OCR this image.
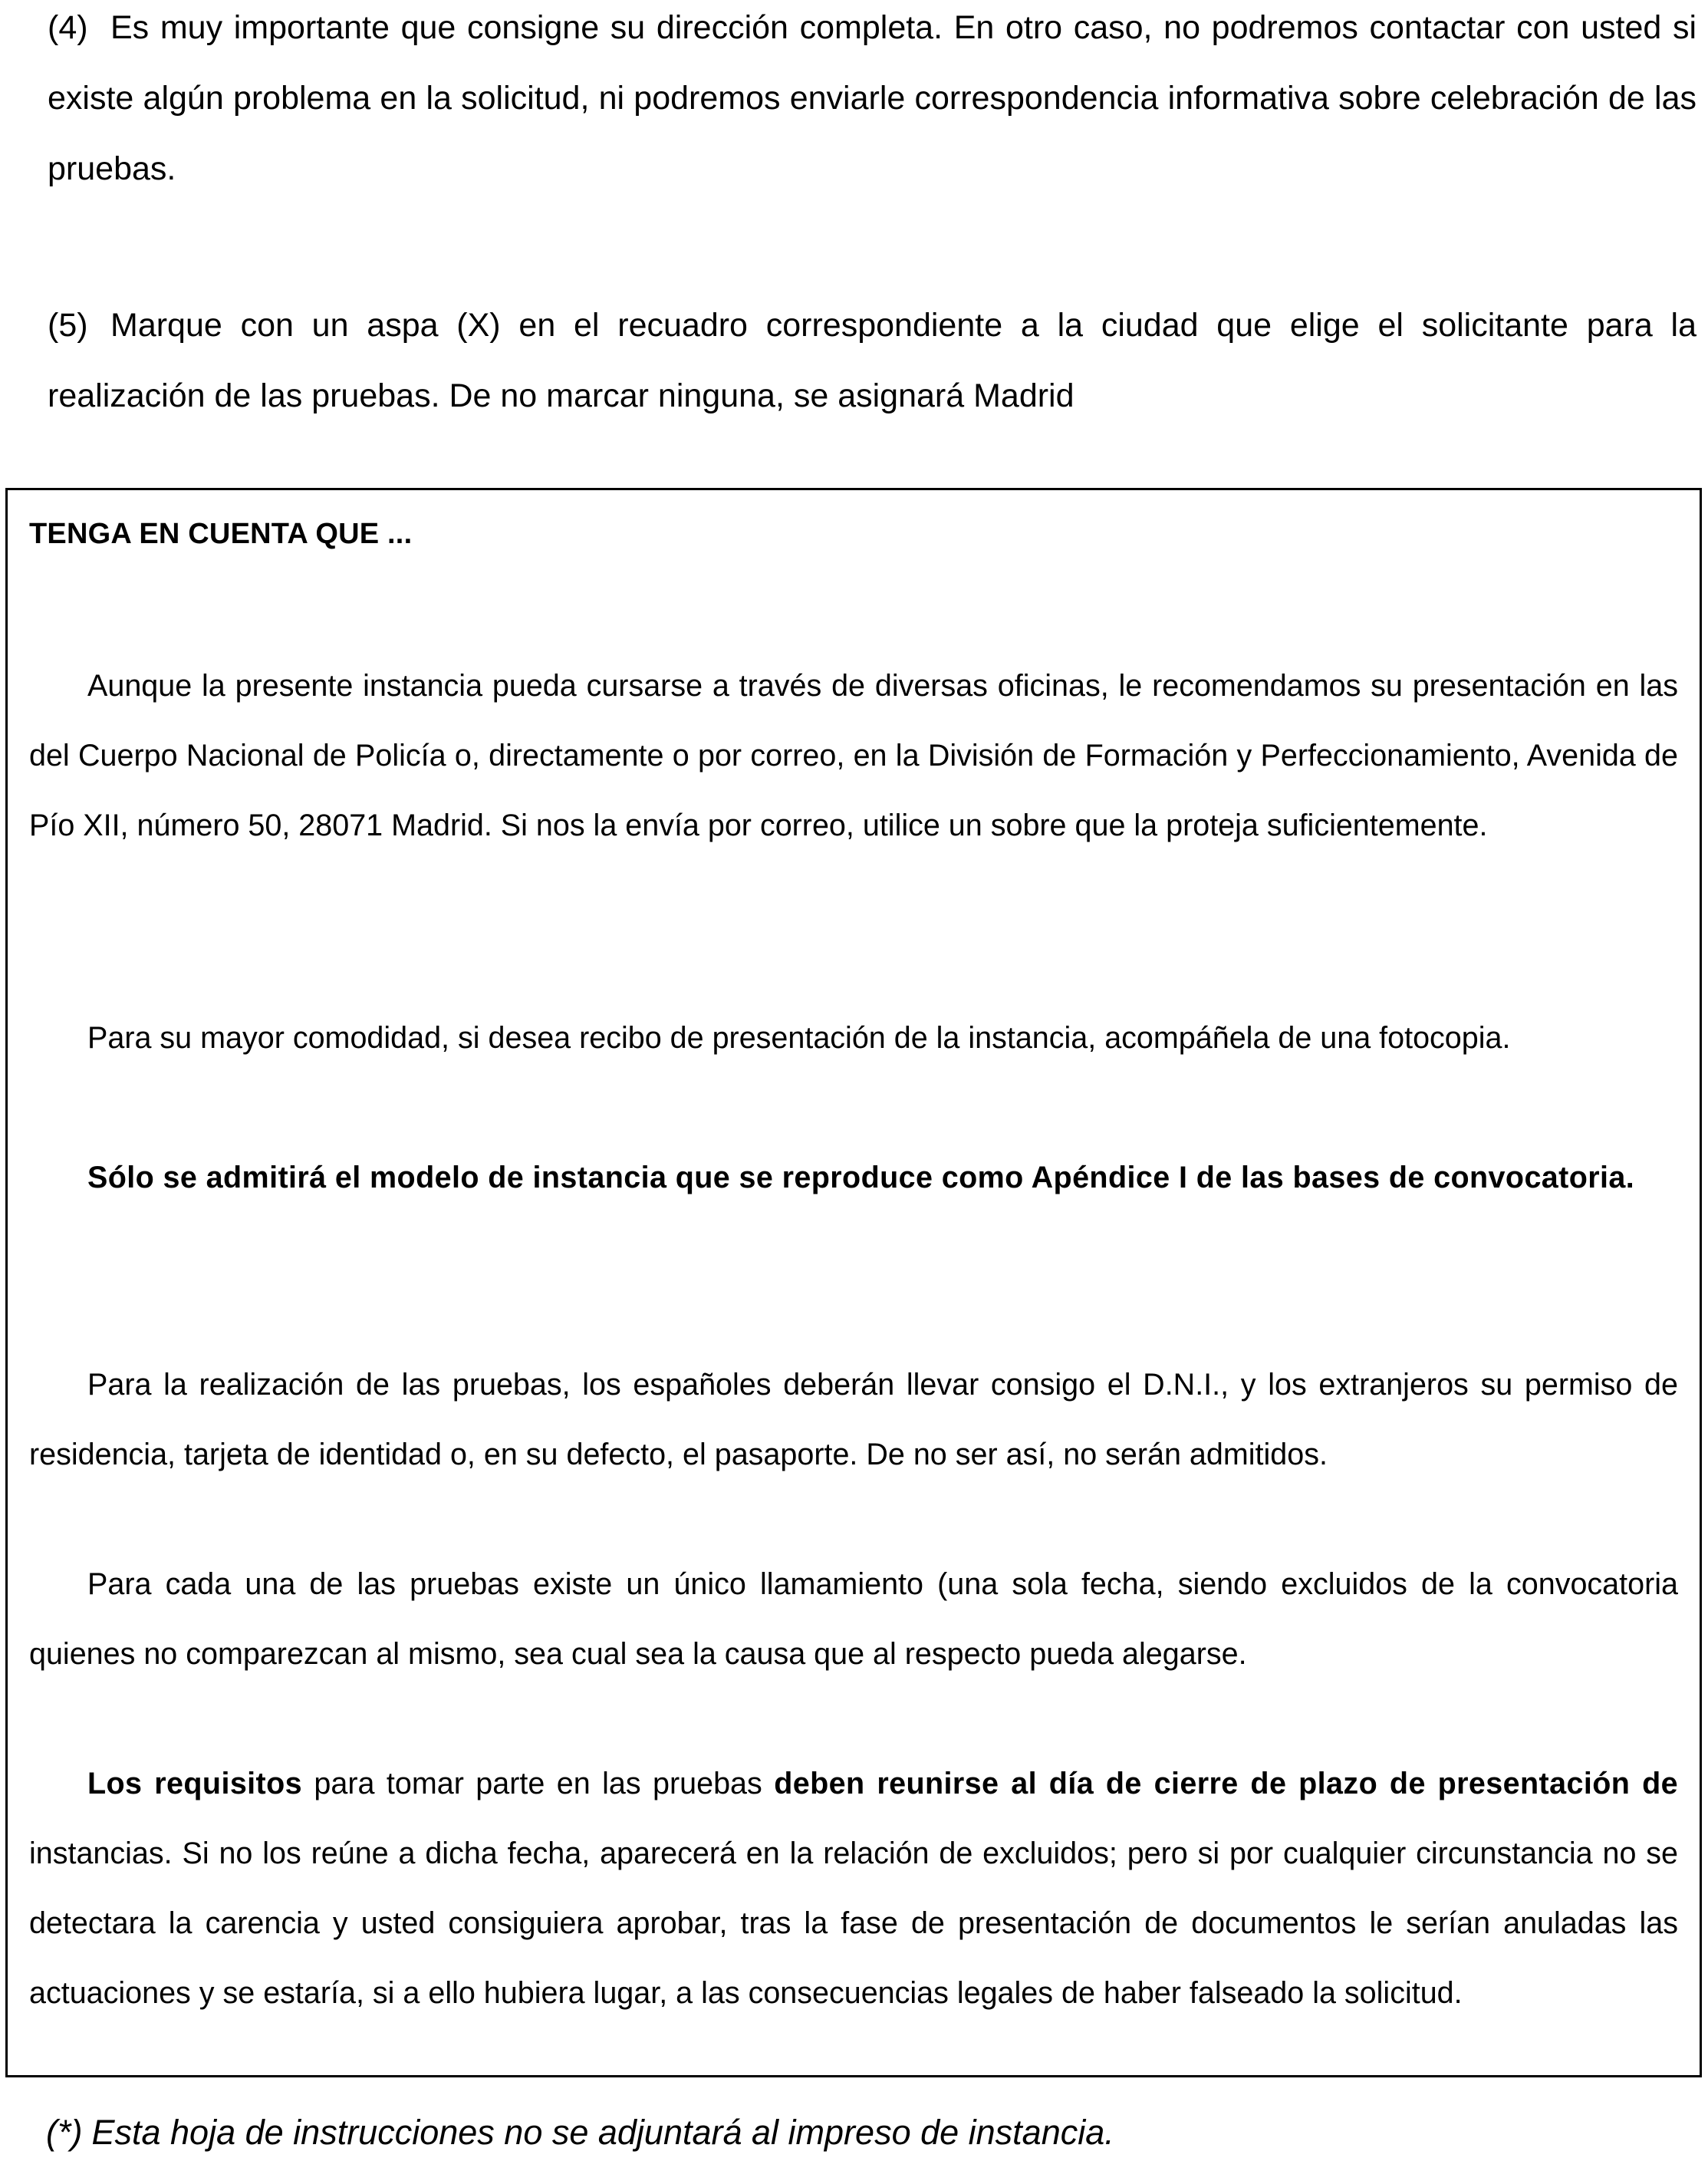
(4) Es muy importante que consigne su dirección completa. En otro caso, no podremos contactar con usted si existe algún problema en la solicitud, ni podremos enviarle correspondencia informativa sobre celebración de las pruebas.
(5) Marque con un aspa (X) en el recuadro correspondiente a la ciudad que elige el solicitante para la realización de las pruebas. De no marcar ninguna, se asignará Madrid
TENGA EN CUENTA QUE ...

Aunque la presente instancia pueda cursarse a través de diversas oficinas, le recomendamos su presentación en las del Cuerpo Nacional de Policía o, directamente o por correo, en la División de Formación y Perfeccionamiento, Avenida de Pío XII, número 50, 28071 Madrid. Si nos la envía por correo, utilice un sobre que la proteja suficientemente.

Para su mayor comodidad, si desea recibo de presentación de la instancia, acompáñela de una fotocopia.

Sólo se admitirá el modelo de instancia que se reproduce como Apéndice I de las bases de convocatoria.

Para la realización de las pruebas, los españoles deberán llevar consigo el D.N.I., y los extranjeros su permiso de residencia, tarjeta de identidad o, en su defecto, el pasaporte. De no ser así, no serán admitidos.

Para cada una de las pruebas existe un único llamamiento (una sola fecha, siendo excluidos de la convocatoria quienes no comparezcan al mismo, sea cual sea la causa que al respecto pueda alegarse.

Los requisitos para tomar parte en las pruebas deben reunirse al día de cierre de plazo de presentación de instancias. Si no los reúne a dicha fecha, aparecerá en la relación de excluidos; pero si por cualquier circunstancia no se detectara la carencia y usted consiguiera aprobar, tras la fase de presentación de documentos le serían anuladas las actuaciones y se estaría, si a ello hubiera lugar, a las consecuencias legales de haber falseado la solicitud.

(*) Esta hoja de instrucciones no se adjuntará al impreso de instancia.
